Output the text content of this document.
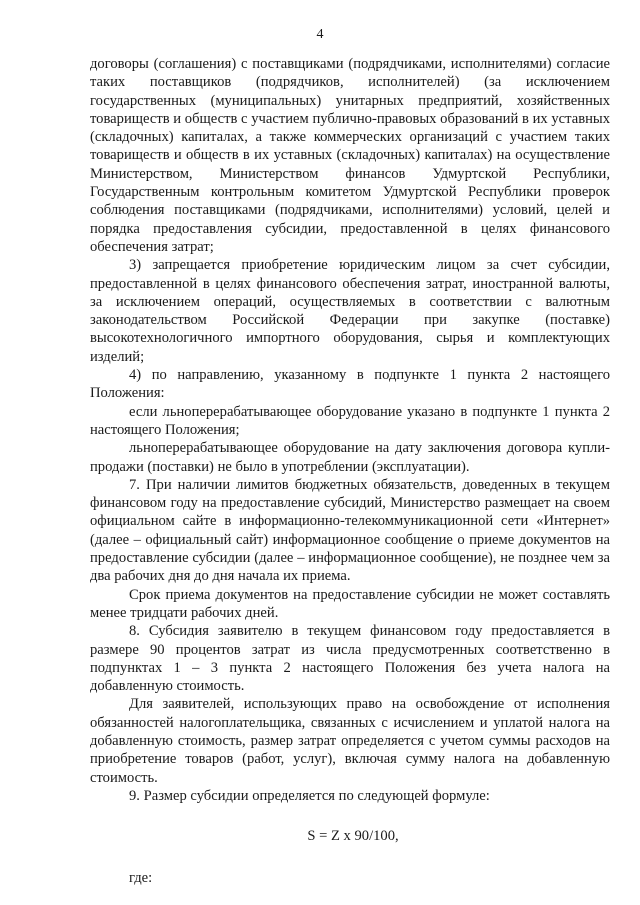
4

договоры (соглашения) с поставщиками (подрядчиками, исполнителями) согласие таких поставщиков (подрядчиков, исполнителей) (за исключением государственных (муниципальных) унитарных предприятий, хозяйственных товариществ и обществ с участием публично-правовых образований в их уставных (складочных) капиталах, а также коммерческих организаций с участием таких товариществ и обществ в их уставных (складочных) капиталах) на осуществление Министерством, Министерством финансов Удмуртской Республики, Государственным контрольным комитетом Удмуртской Республики проверок соблюдения поставщиками (подрядчиками, исполнителями) условий, целей и порядка предоставления субсидии, предоставленной в целях финансового обеспечения затрат;

3) запрещается приобретение юридическим лицом за счет субсидии, предоставленной в целях финансового обеспечения затрат, иностранной валюты, за исключением операций, осуществляемых в соответствии с валютным законодательством Российской Федерации при закупке (поставке) высокотехнологичного импортного оборудования, сырья и комплектующих изделий;

4) по направлению, указанному в подпункте 1 пункта 2 настоящего Положения:

если льноперерабатывающее оборудование указано в подпункте 1 пункта 2 настоящего Положения;

льноперерабатывающее оборудование на дату заключения договора купли-продажи (поставки) не было в употреблении (эксплуатации).

7. При наличии лимитов бюджетных обязательств, доведенных в текущем финансовом году на предоставление субсидий, Министерство размещает на своем официальном сайте в информационно-телекоммуникационной сети «Интернет» (далее – официальный сайт) информационное сообщение о приеме документов на предоставление субсидии (далее – информационное сообщение), не позднее чем за два рабочих дня до дня начала их приема.

Срок приема документов на предоставление субсидии не может составлять менее тридцати рабочих дней.

8. Субсидия заявителю в текущем финансовом году предоставляется в размере 90 процентов затрат из числа предусмотренных соответственно в подпунктах 1 – 3 пункта 2 настоящего Положения без учета налога на добавленную стоимость.

Для заявителей, использующих право на освобождение от исполнения обязанностей налогоплательщика, связанных с исчислением и уплатой налога на добавленную стоимость, размер затрат определяется с учетом суммы расходов на приобретение товаров (работ, услуг), включая сумму налога на добавленную стоимость.

9. Размер субсидии определяется по следующей формуле:

S = Z x 90/100,

где:
